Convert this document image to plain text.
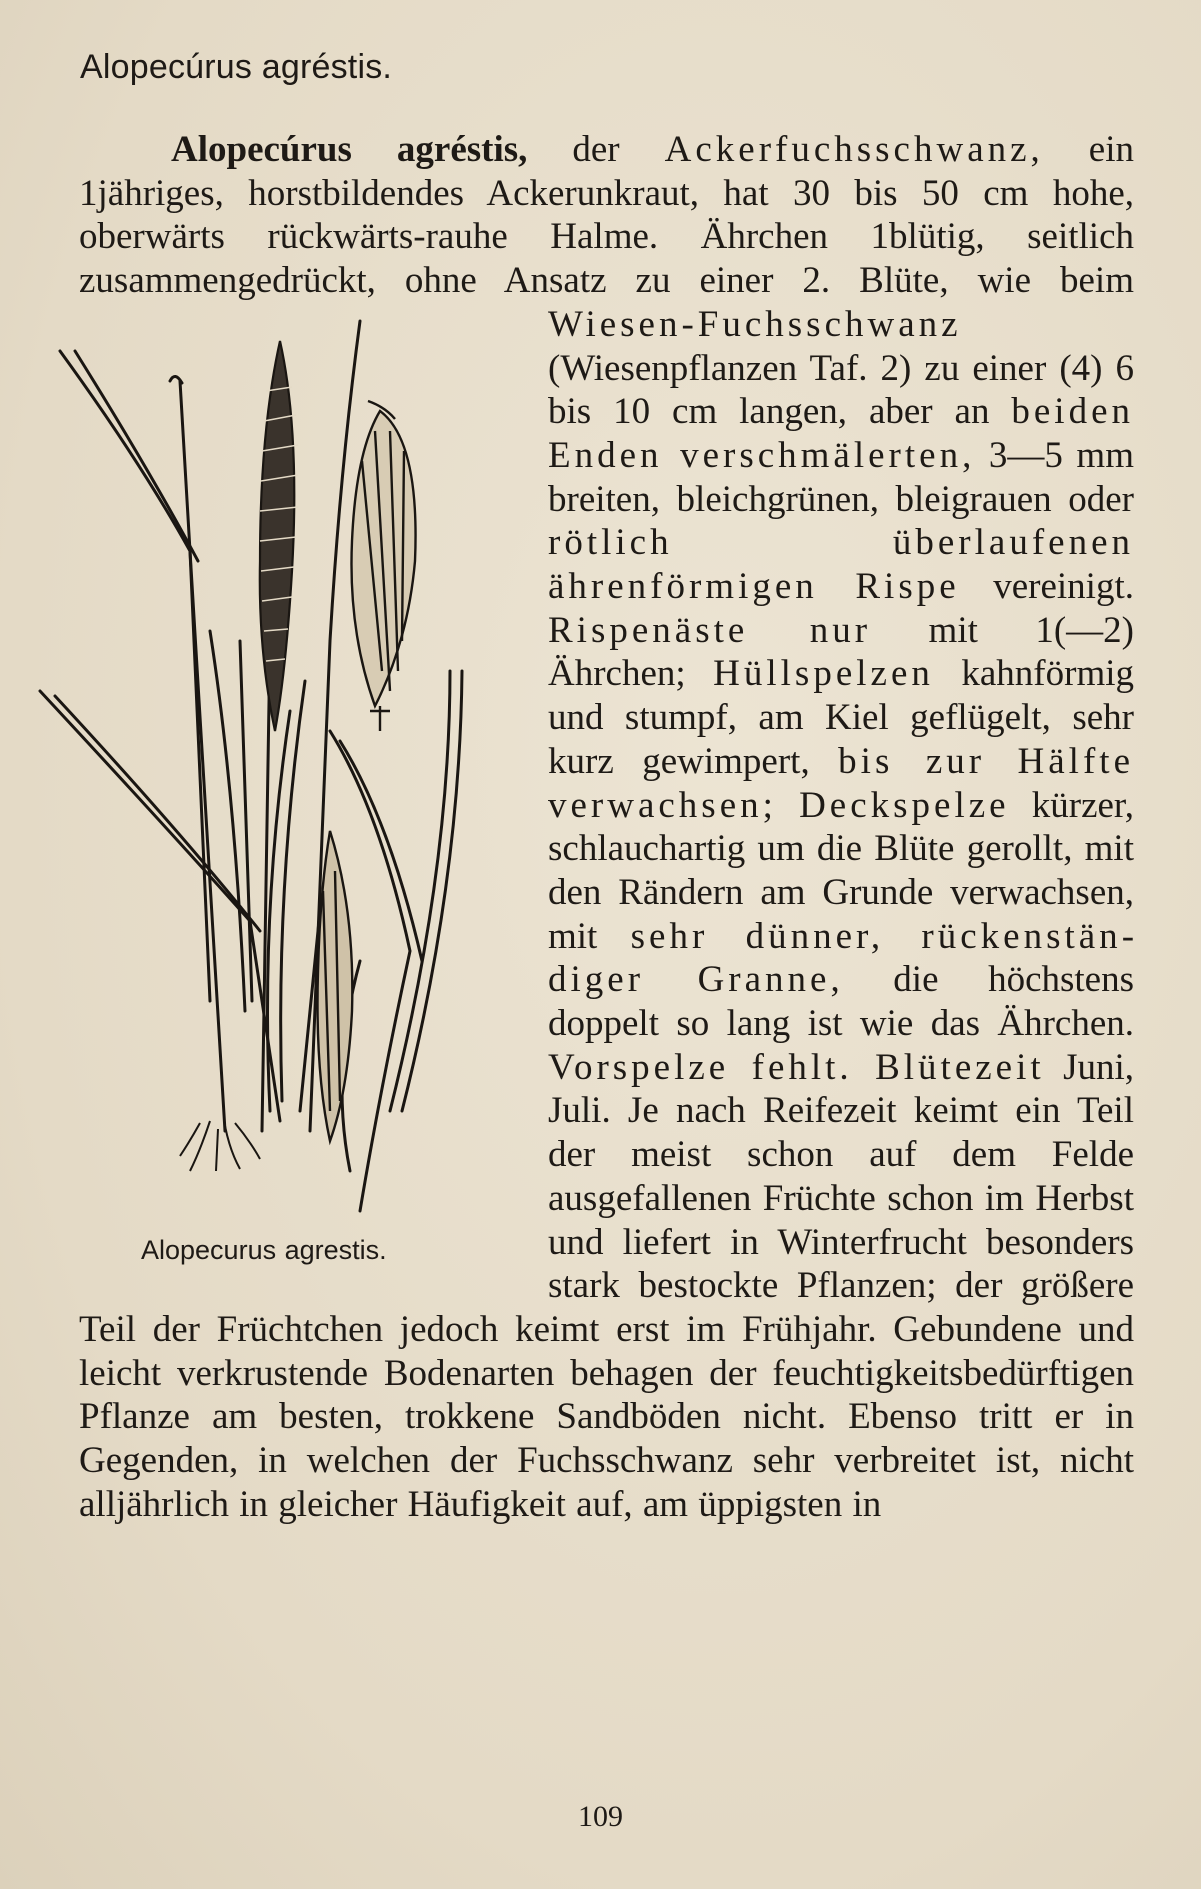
Alopecúrus agréstis.

Alopecúrus agréstis, der Ackerfuchsschwanz, ein 1jähriges, horstbildendes Ackerunkraut, hat 30 bis 50 cm hohe, oberwärts rückwärts-rauhe Halme. Ährchen 1blütig, seitlich zusammengedrückt, ohne Ansatz zu einer 2. Blüte, wie beim Wiesen-Fuchsschwanz
Alopecurus agrestis.
(Wiesenpflanzen Taf. 2) zu einer (4) 6 bis 10 cm langen, aber an beiden Enden verschmälerten, 3—5 mm breiten, bleichgrünen, bleigrauen oder rötlich überlaufenen ährenförmigen Rispe vereinigt. Rispenäste nur mit 1(—2) Ährchen; Hüllspelzen kahnförmig und stumpf, am Kiel geflügelt, sehr kurz gewimpert, bis zur Hälfte verwachsen; Deckspelze kürzer, schlauchartig um die Blüte gerollt, mit den Rändern am Grunde verwachsen, mit sehr dünner, rückenständiger Granne, die höchstens doppelt so lang ist wie das Ährchen. Vorspelze fehlt. Blütezeit Juni, Juli. Je nach Reifezeit keimt ein Teil der meist schon auf dem Felde ausgefallenen Früchte schon im Herbst und liefert in Winterfrucht besonders stark bestockte Pflanzen; der größere Teil der Früchtchen jedoch keimt erst im Frühjahr. Gebundene und leicht verkrustende Bodenarten behagen der feuchtigkeitsbedürftigen Pflanze am besten, trokkene Sandböden nicht. Ebenso tritt er in Gegenden, in welchen der Fuchsschwanz sehr verbreitet ist, nicht alljährlich in gleicher Häufigkeit auf, am üppigsten in

109
